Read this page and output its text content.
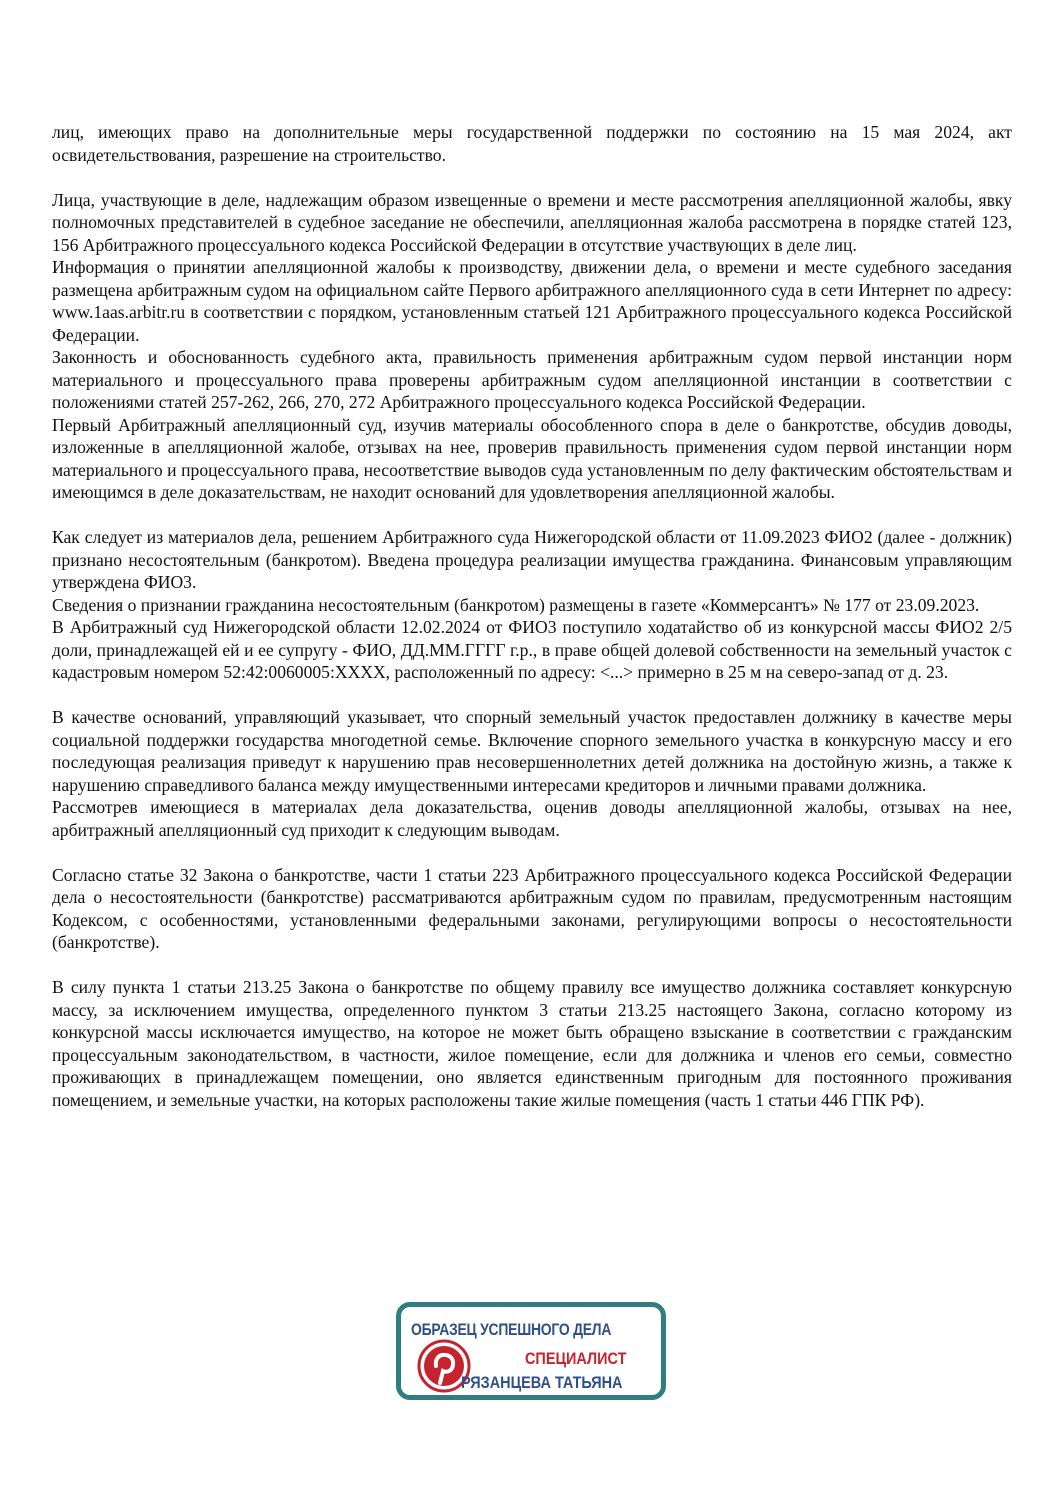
лиц, имеющих право на дополнительные меры государственной поддержки по состоянию на 15 мая 2024, акт освидетельствования, разрешение на строительство.

Лица, участвующие в деле, надлежащим образом извещенные о времени и месте рассмотрения апелляционной жалобы, явку полномочных представителей в судебное заседание не обеспечили, апелляционная жалоба рассмотрена в порядке статей 123, 156 Арбитражного процессуального кодекса Российской Федерации в отсутствие участвующих в деле лиц.

Информация о принятии апелляционной жалобы к производству, движении дела, о времени и месте судебного заседания размещена арбитражным судом на официальном сайте Первого арбитражного апелляционного суда в сети Интернет по адресу: www.1aas.arbitr.ru в соответствии с порядком, установленным статьей 121 Арбитражного процессуального кодекса Российской Федерации.

Законность и обоснованность судебного акта, правильность применения арбитражным судом первой инстанции норм материального и процессуального права проверены арбитражным судом апелляционной инстанции в соответствии с положениями статей 257-262, 266, 270, 272 Арбитражного процессуального кодекса Российской Федерации.

Первый Арбитражный апелляционный суд, изучив материалы обособленного спора в деле о банкротстве, обсудив доводы, изложенные в апелляционной жалобе, отзывах на нее, проверив правильность применения судом первой инстанции норм материального и процессуального права, несоответствие выводов суда установленным по делу фактическим обстоятельствам и имеющимся в деле доказательствам, не находит оснований для удовлетворения апелляционной жалобы.

Как следует из материалов дела, решением Арбитражного суда Нижегородской области от 11.09.2023 ФИО2 (далее - должник) признано несостоятельным (банкротом). Введена процедура реализации имущества гражданина. Финансовым управляющим утверждена ФИО3.

Сведения о признании гражданина несостоятельным (банкротом) размещены в газете «Коммерсантъ» № 177 от 23.09.2023.

В Арбитражный суд Нижегородской области 12.02.2024 от ФИО3 поступило ходатайство об из конкурсной массы ФИО2 2/5 доли, принадлежащей ей и ее супругу - ФИО, ДД.ММ.ГГГГ г.р., в праве общей долевой собственности на земельный участок с кадастровым номером 52:42:0060005:ХХХХ, расположенный по адресу: <...> примерно в 25 м на северо-запад от д. 23.

В качестве оснований, управляющий указывает, что спорный земельный участок предоставлен должнику в качестве меры социальной поддержки государства многодетной семье. Включение спорного земельного участка в конкурсную массу и его последующая реализация приведут к нарушению прав несовершеннолетних детей должника на достойную жизнь, а также к нарушению справедливого баланса между имущественными интересами кредиторов и личными правами должника.

Рассмотрев имеющиеся в материалах дела доказательства, оценив доводы апелляционной жалобы, отзывах на нее, арбитражный апелляционный суд приходит к следующим выводам.

Согласно статье 32 Закона о банкротстве, части 1 статьи 223 Арбитражного процессуального кодекса Российской Федерации дела о несостоятельности (банкротстве) рассматриваются арбитражным судом по правилам, предусмотренным настоящим Кодексом, с особенностями, установленными федеральными законами, регулирующими вопросы о несостоятельности (банкротстве).

В силу пункта 1 статьи 213.25 Закона о банкротстве по общему правилу все имущество должника составляет конкурсную массу, за исключением имущества, определенного пунктом 3 статьи 213.25 настоящего Закона, согласно которому из конкурсной массы исключается имущество, на которое не может быть обращено взыскание в соответствии с гражданским процессуальным законодательством, в частности, жилое помещение, если для должника и членов его семьи, совместно проживающих в принадлежащем помещении, оно является единственным пригодным для постоянного проживания помещением, и земельные участки, на которых расположены такие жилые помещения (часть 1 статьи 446 ГПК РФ).

ОБРАЗЕЦ УСПЕШНОГО ДЕЛА
СПЕЦИАЛИСТ
РЯЗАНЦЕВА ТАТЬЯНА
